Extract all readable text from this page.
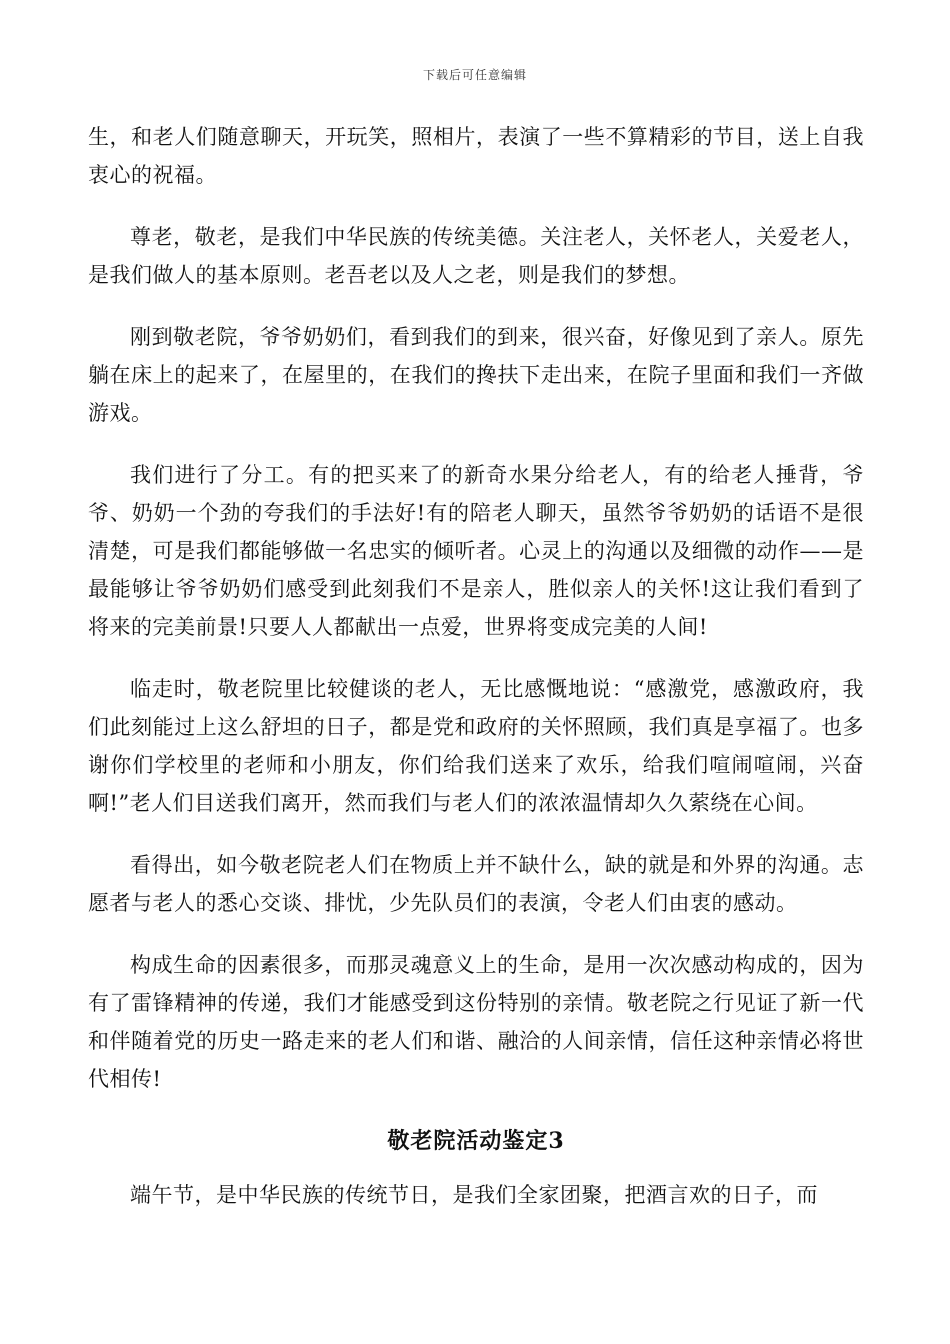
下载后可任意编辑

生，和老人们随意聊天，开玩笑，照相片，表演了一些不算精彩的节目，送上自我衷心的祝福。

尊老，敬老，是我们中华民族的传统美德。关注老人，关怀老人，关爱老人，是我们做人的基本原则。老吾老以及人之老，则是我们的梦想。

刚到敬老院，爷爷奶奶们，看到我们的到来，很兴奋，好像见到了亲人。原先躺在床上的起来了，在屋里的，在我们的搀扶下走出来，在院子里面和我们一齐做游戏。

我们进行了分工。有的把买来了的新奇水果分给老人，有的给老人捶背，爷爷、奶奶一个劲的夸我们的手法好!有的陪老人聊天，虽然爷爷奶奶的话语不是很清楚，可是我们都能够做一名忠实的倾听者。心灵上的沟通以及细微的动作——是最能够让爷爷奶奶们感受到此刻我们不是亲人，胜似亲人的关怀!这让我们看到了将来的完美前景!只要人人都献出一点爱，世界将变成完美的人间!

临走时，敬老院里比较健谈的老人，无比感慨地说：“感激党，感激政府，我们此刻能过上这么舒坦的日子，都是党和政府的关怀照顾，我们真是享福了。也多谢你们学校里的老师和小朋友，你们给我们送来了欢乐，给我们喧闹喧闹，兴奋啊!”老人们目送我们离开，然而我们与老人们的浓浓温情却久久萦绕在心间。

看得出，如今敬老院老人们在物质上并不缺什么，缺的就是和外界的沟通。志愿者与老人的悉心交谈、排忧，少先队员们的表演，令老人们由衷的感动。

构成生命的因素很多，而那灵魂意义上的生命，是用一次次感动构成的，因为有了雷锋精神的传递，我们才能感受到这份特别的亲情。敬老院之行见证了新一代和伴随着党的历史一路走来的老人们和谐、融洽的人间亲情，信任这种亲情必将世代相传!

敬老院活动鉴定3

端午节，是中华民族的传统节日，是我们全家团聚，把酒言欢的日子，而
